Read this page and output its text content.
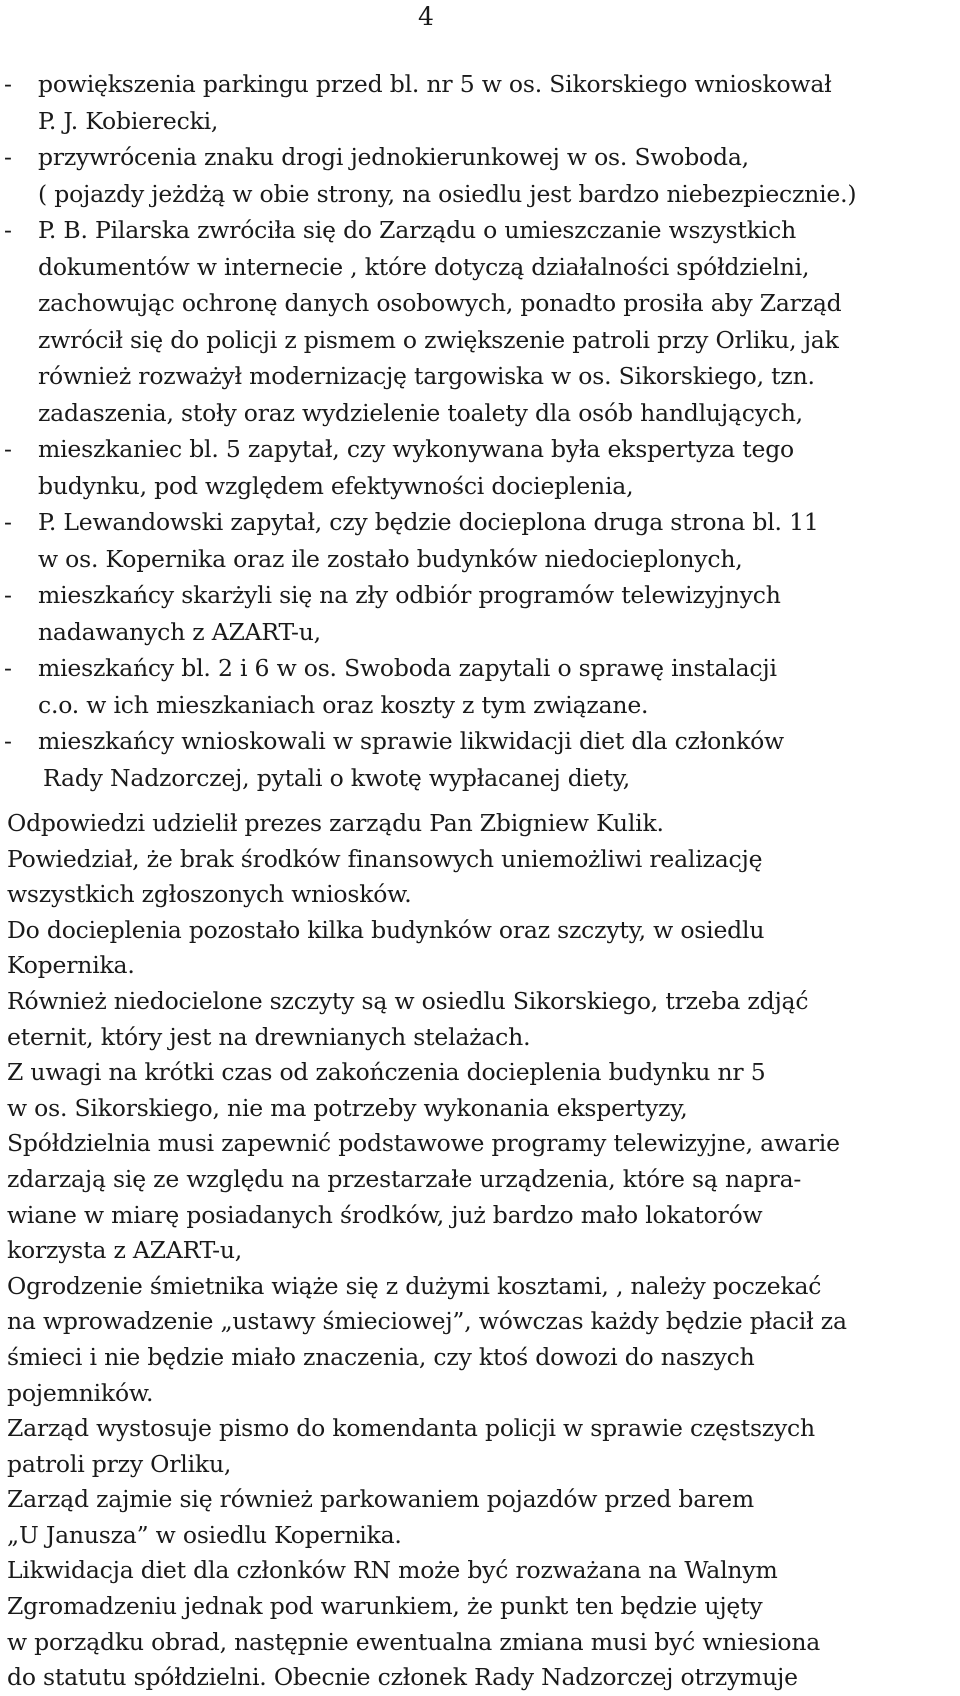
4
- powiększenia parkingu przed bl. nr 5 w os. Sikorskiego wnioskował
P. J. Kobierecki,
- przywrócenia znaku drogi jednokierunkowej w os. Swoboda,
( pojazdy jeżdżą w obie strony, na osiedlu jest bardzo niebezpiecznie.)
- P. B. Pilarska zwróciła się do Zarządu o umieszczanie wszystkich
dokumentów w internecie , które dotyczą działalności spółdzielni,
zachowując ochronę danych osobowych, ponadto prosiła aby Zarząd
zwrócił się do policji z pismem o zwiększenie patroli przy Orliku, jak
również rozważył modernizację targowiska w os. Sikorskiego, tzn.
zadaszenia, stoły oraz wydzielenie toalety dla osób handlujących,
- mieszkaniec bl. 5 zapytał, czy wykonywana była ekspertyza tego
budynku, pod względem efektywności docieplenia,
- P. Lewandowski zapytał, czy będzie docieplona druga strona bl. 11
w os. Kopernika oraz ile zostało budynków niedocieplonych,
- mieszkańcy skarżyli się na zły odbiór programów telewizyjnych
nadawanych z AZART-u,
- mieszkańcy bl. 2 i 6 w os. Swoboda zapytali o sprawę instalacji
c.o. w ich mieszkaniach oraz koszty z tym związane.
- mieszkańcy wnioskowali w sprawie likwidacji diet dla członków
Rady Nadzorczej, pytali o kwotę wypłacanej diety,
Odpowiedzi udzielił prezes zarządu Pan Zbigniew Kulik.
Powiedział, że brak środków finansowych uniemożliwi realizację
wszystkich zgłoszonych wniosków.
Do docieplenia pozostało kilka budynków oraz szczyty, w osiedlu
Kopernika.
Również niedocielone szczyty są w osiedlu Sikorskiego, trzeba zdjąć
eternit, który jest na drewnianych stelażach.
Z uwagi na krótki czas od zakończenia docieplenia budynku nr 5
w os. Sikorskiego, nie ma potrzeby wykonania ekspertyzy,
Spółdzielnia musi zapewnić podstawowe programy telewizyjne, awarie
zdarzają się ze względu na przestarzałe urządzenia, które są napra-
wiane w miarę posiadanych środków, już bardzo mało lokatorów
korzysta z AZART-u,
Ogrodzenie śmietnika wiąże się z dużymi kosztami, , należy poczekać
na wprowadzenie „ustawy śmieciowej”, wówczas każdy będzie płacił za
śmieci i nie będzie miało znaczenia, czy ktoś dowozi do naszych
pojemników.
Zarząd wystosuje pismo do komendanta policji w sprawie częstszych
patroli przy Orliku,
Zarząd zajmie się również parkowaniem pojazdów przed barem
„U Janusza” w osiedlu Kopernika.
Likwidacja diet dla członków RN może być rozważana na Walnym
Zgromadzeniu jednak pod warunkiem, że punkt ten będzie ujęty
w porządku obrad, następnie ewentualna zmiana musi być wniesiona
do statutu spółdzielni. Obecnie członek Rady Nadzorczej otrzymuje
